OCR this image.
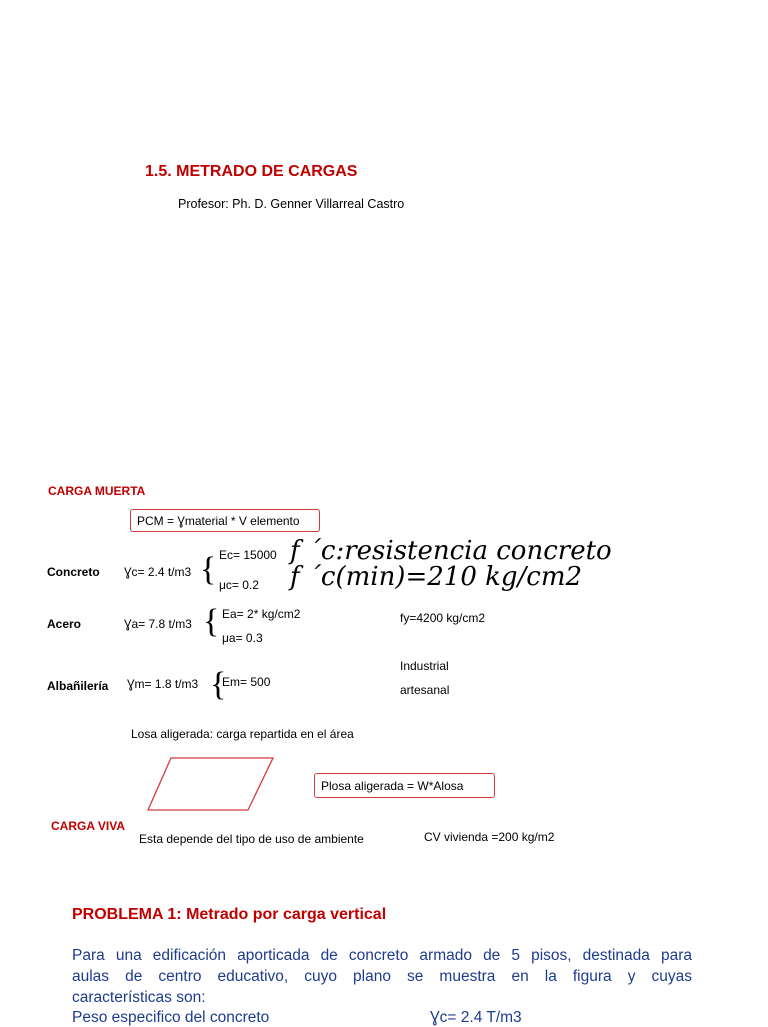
1.5. METRADO DE CARGAS
Profesor: Ph. D. Genner Villarreal Castro
CARGA MUERTA
PCM = Ɣmaterial * V elemento
Concreto Ɣc= 2.4 t/m3 { Ec= 15000
μc= 0.2
f ´c:resistencia concreto
f ´c(min)=210 kg/cm2
Acero	Ɣa= 7.8 t/m3 { Ea= 2* kg/cm2
μa= 0.3
fy=4200 kg/cm2
Albañilería Ɣm= 1.8 t/m3 {
Em= 500
Industrial
artesanal
Losa aligerada: carga repartida en el área
Plosa aligerada = W*Alosa
CARGA VIVA
Esta depende del tipo de uso de ambiente	CV vivienda =200 kg/m2
PROBLEMA 1: Metrado por carga vertical
Para una edificación aporticada de concreto armado de 5 pisos, destinada para
aulas de centro educativo, cuyo plano se muestra en la figura y cuyas
características son:
Peso especifico del concreto	Ɣc= 2.4 T/m3
